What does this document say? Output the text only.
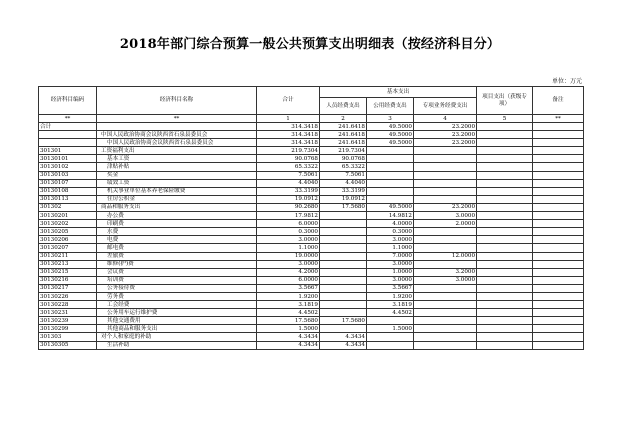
2018年部门综合预算一般公共预算支出明细表（按经济科目分）
单位：万元
经济科目编码	经济科目名称	合计	基本支出			项目支出（获级专项）	备注
			人员经费支出	公用经费支出	专项业务经费支出		
**	**	1	2	3	4	5	**
合计		314.3418	241.6418	49.5000	23.2000		
	中国人民政治协商会议陕西省石泉县委员会	314.3418	241.6418	49.5000	23.2000		
	中国人民政治协商会议陕西省石泉县委员会	314.3418	241.6418	49.5000	23.2000		
301301	工资福利支出	219.7304	219.7304				
30130101	基本工资	90.0768	90.0768				
30130102	津贴补贴	65.3322	65.3322				
30130103	奖金	7.5061	7.5061				
30130107	绩效工资	4.4040	4.4040				
30130108	机关事业单位基本养老保险缴费	33.3199	33.3199				
30130113	住房公积金	19.0912	19.0912				
301302	商品和服务支出	90.2680	17.5680	49.5000	23.2000		
30130201	办公费	17.9812		14.9812	3.0000		
30130202	印刷费	6.0000		4.0000	2.0000		
30130205	水费	0.3000		0.3000			
30130206	电费	3.0000		3.0000			
30130207	邮电费	1.1000		1.1000			
30130211	差旅费	19.0000		7.0000	12.0000		
30130213	维修(护)费	3.0000		3.0000			
30130215	会议费	4.2000		1.0000	3.2000		
30130216	培训费	6.0000		3.0000	3.0000		
30130217	公务接待费	3.5667		3.5667			
30130226	劳务费	1.9200		1.9200			
30130228	工会经费	3.1819		3.1819			
30130231	公务用车运行维护费	4.4502		4.4502			
30130239	其他交通费用	17.5680	17.5680				
30130299	其他商品和服务支出	1.5000		1.5000			
301303	对个人和家庭的补助	4.3434	4.3434				
30130305	生活补助	4.3434	4.3434				
